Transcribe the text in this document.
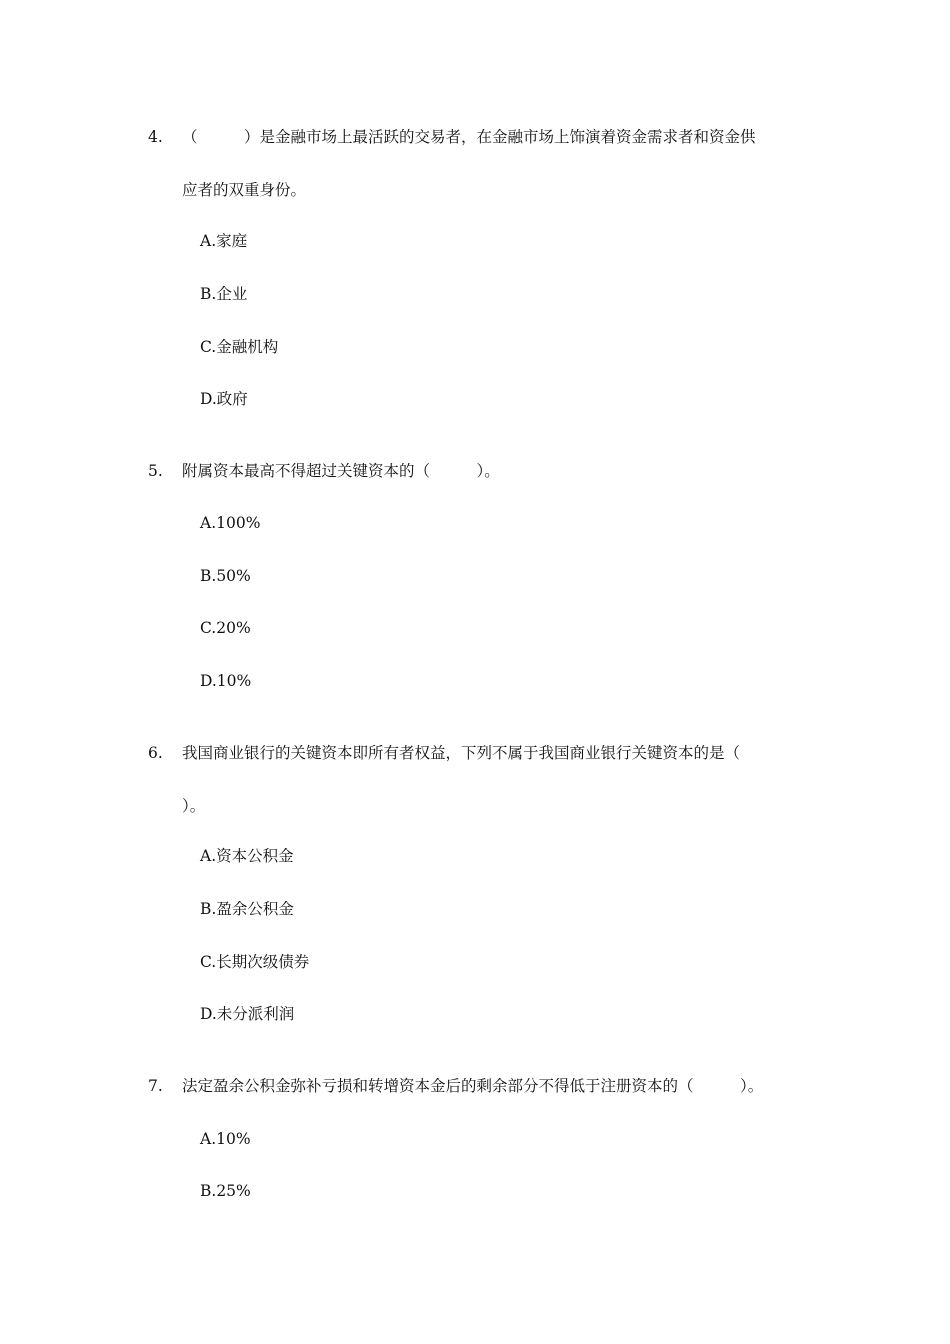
4. （　　　）是金融市场上最活跃的交易者，在金融市场上饰演着资金需求者和资金供
应者的双重身份。
A.家庭
B.企业
C.金融机构
D.政府
5. 附属资本最高不得超过关键资本的（　　　）。
A.100%
B.50%
C.20%
D.10%
6. 我国商业银行的关键资本即所有者权益，下列不属于我国商业银行关键资本的是（
）。
A.资本公积金
B.盈余公积金
C.长期次级债券
D.未分派利润
7. 法定盈余公积金弥补亏损和转增资本金后的剩余部分不得低于注册资本的（　　　）。
A.10%
B.25%
